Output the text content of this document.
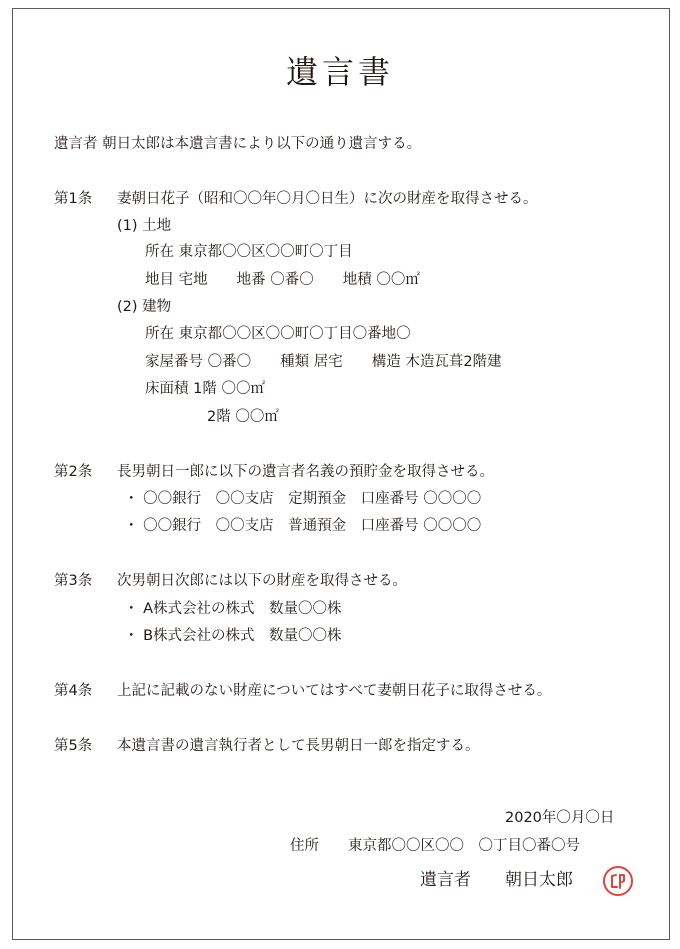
遺言書
遺言者 朝日太郎は本遺言書により以下の通り遺言する。
第1条 妻朝日花子（昭和〇〇年〇月〇日生）に次の財産を取得させる。
(1) 土地
所在 東京都〇〇区〇〇町〇丁目
地目 宅地　　地番 〇番〇　　地積 〇〇㎡
(2) 建物
所在 東京都〇〇区〇〇町〇丁目〇番地〇
家屋番号 〇番〇　　種類 居宅　　構造 木造瓦葺2階建
床面積 1階 〇〇㎡
2階 〇〇㎡
第2条 長男朝日一郎に以下の遺言者名義の預貯金を取得させる。
・ 〇〇銀行　〇〇支店　定期預金　口座番号 〇〇〇〇
・ 〇〇銀行　〇〇支店　普通預金　口座番号 〇〇〇〇
第3条 次男朝日次郎には以下の財産を取得させる。
・ A株式会社の株式　数量〇〇株
・ B株式会社の株式　数量〇〇株
第4条 上記に記載のない財産についてはすべて妻朝日花子に取得させる。
第5条 本遺言書の遺言執行者として長男朝日一郎を指定する。
2020年〇月〇日
住所 東京都〇〇区〇〇　〇丁目〇番〇号
遺言者 朝日太郎
